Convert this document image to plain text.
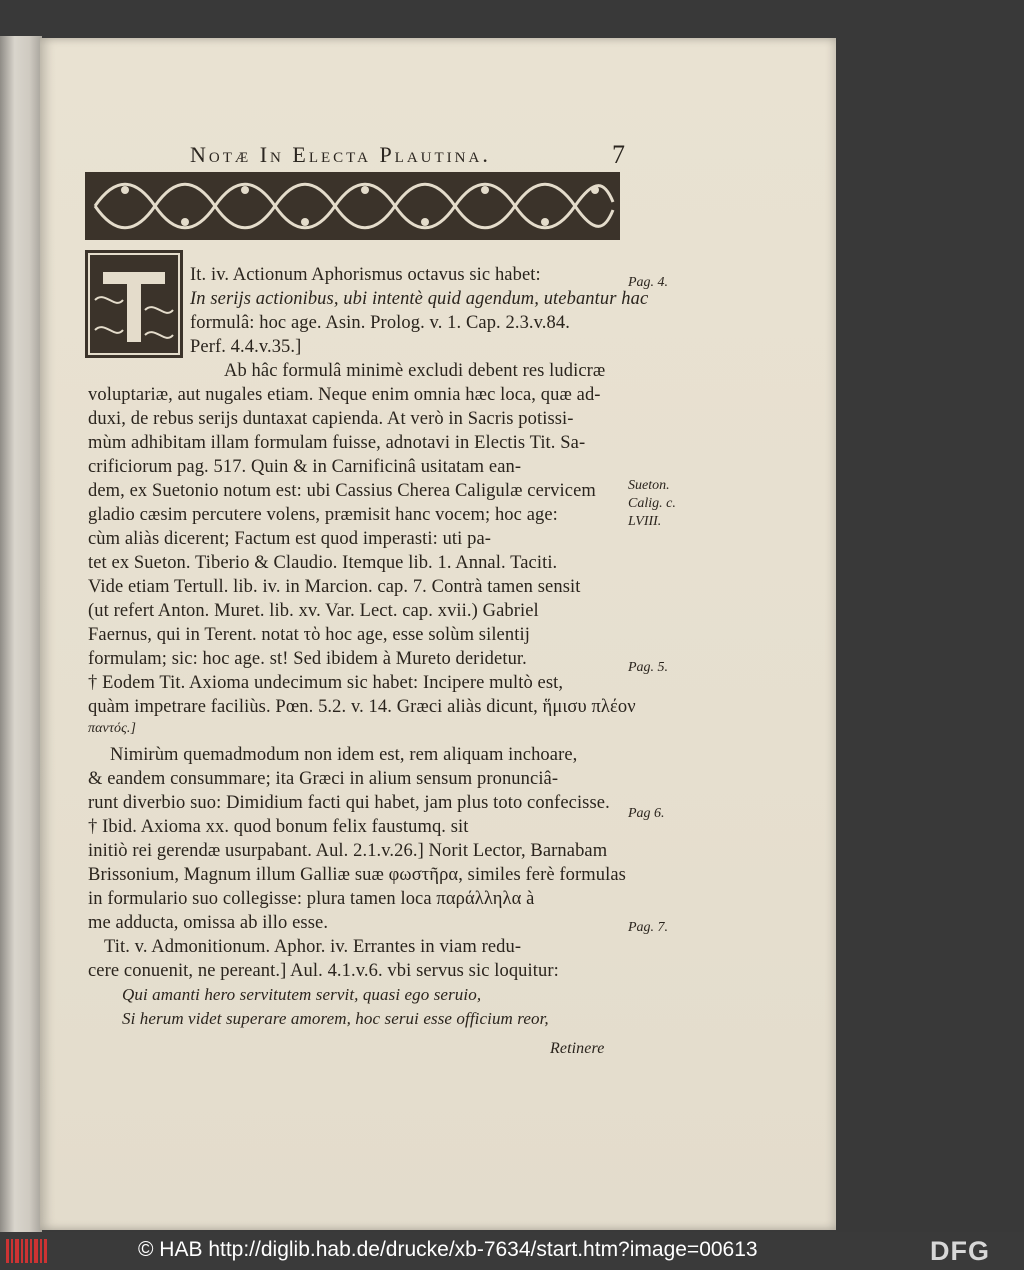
Notæ In Electa Plautina.	7
It. iv. Actionum Aphorismus octavus sic habet:
In serijs actionibus, ubi intentè quid agendum, utebantur hac
formulâ: hoc age. Asin. Prolog. v. 1. Cap. 2.3.v.84.
Perf. 4.4.v.35.]
Ab hâc formulâ minimè excludi debent res ludicræ
voluptariæ, aut nugales etiam. Neque enim omnia hæc loca, quæ ad-
duxi, de rebus serijs duntaxat capienda. At verò in Sacris potissi-
mùm adhibitam illam formulam fuisse, adnotavi in Electis Tit. Sa-
crificiorum pag. 517. Quin & in Carnificinâ usitatam ean-
dem, ex Suetonio notum est: ubi Cassius Cherea Caligulæ cervicem
gladio cæsim percutere volens, præmisit hanc vocem; hoc age:
cùm aliàs dicerent; Factum est quod imperasti: uti pa-
tet ex Sueton. Tiberio & Claudio. Itemque lib. 1. Annal. Taciti.
Vide etiam Tertull. lib. iv. in Marcion. cap. 7. Contrà tamen sensit
(ut refert Anton. Muret. lib. xv. Var. Lect. cap. xvii.) Gabriel
Faernus, qui in Terent. notat τὸ hoc age, esse solùm silentij
formulam; sic: hoc age. st! Sed ibidem à Mureto deridetur.
† Eodem Tit. Axioma undecimum sic habet: Incipere multò est,
quàm impetrare faciliùs. Pœn. 5.2. v. 14. Græci aliàs dicunt, ἥμισυ πλέον
παντός.]
Nimirùm quemadmodum non idem est, rem aliquam inchoare,
& eandem consummare; ita Græci in alium sensum pronunciâ-
runt diverbio suo: Dimidium facti qui habet, jam plus toto confecisse.
† Ibid. Axioma xx. quod bonum felix faustumq. sit
initiò rei gerendæ usurpabant. Aul. 2.1.v.26.] Norit Lector, Barnabam
Brissonium, Magnum illum Galliæ suæ φωστῆρα, similes ferè formulas
in formulario suo collegisse: plura tamen loca παράλληλα à
me adducta, omissa ab illo esse.
Tit. v. Admonitionum. Aphor. iv. Errantes in viam redu-
cere conuenit, ne pereant.] Aul. 4.1.v.6. vbi servus sic loquitur:
Qui amanti hero servitutem servit, quasi ego seruio,
Si herum videt superare amorem, hoc serui esse officium reor,
Retinere
Pag. 4.
Sueton.
Calig. c.
LVIII.
Pag. 5.
Pag 6.
Pag. 7.
© HAB http://diglib.hab.de/drucke/xb-7634/start.htm?image=00613	DFG
